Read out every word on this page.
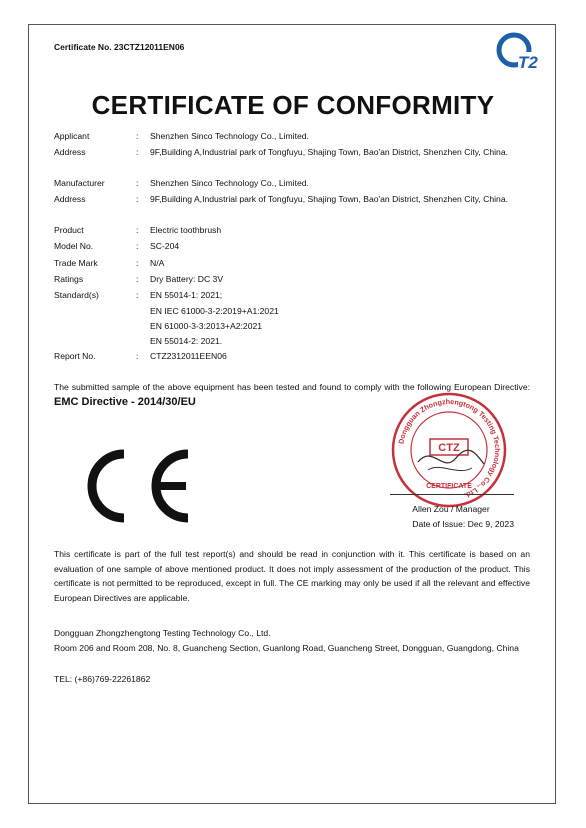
Certificate No. 23CTZ12011EN06
T2
CERTIFICATE OF CONFORMITY
Applicant	: Shenzhen Sinco Technology Co., Limited.
Address	: 9F,Building A,Industrial park of Tongfuyu, Shajing Town, Bao'an District, Shenzhen City, China.
Manufacturer	: Shenzhen Sinco Technology Co., Limited.
Address	: 9F,Building A,Industrial park of Tongfuyu, Shajing Town, Bao'an District, Shenzhen City, China.
Product	: Electric toothbrush
Model No.	: SC-204
Trade Mark	: N/A
Ratings	: Dry Battery: DC 3V
Standard(s)	: EN 55014-1: 2021;
EN IEC 61000-3-2:2019+A1:2021
EN 61000-3-3:2013+A2:2021
EN 55014-2: 2021.
Report No.	: CTZ2312011EEN06
The submitted sample of the above equipment has been tested and found to comply with the following European Directive: EMC Directive - 2014/30/EU
Dongguan Zhongzhengtong Testing Technology Co., Ltd.
CTZ
CERTIFICATE
Allen Zou / Manager
Date of Issue: Dec 9, 2023
This certificate is part of the full test report(s) and should be read in conjunction with it. This certificate is based on an evaluation of one sample of above mentioned product. It does not imply assessment of the production of the product. This certificate is not permitted to be reproduced, except in full. The CE marking may only be used if all the relevant and effective European Directives are applicable.
Dongguan Zhongzhengtong Testing Technology Co., Ltd.
Room 206 and Room 208, No. 8, Guancheng Section, Guanlong Road, Guancheng Street, Dongguan, Guangdong, China
TEL: (+86)769-22261862
